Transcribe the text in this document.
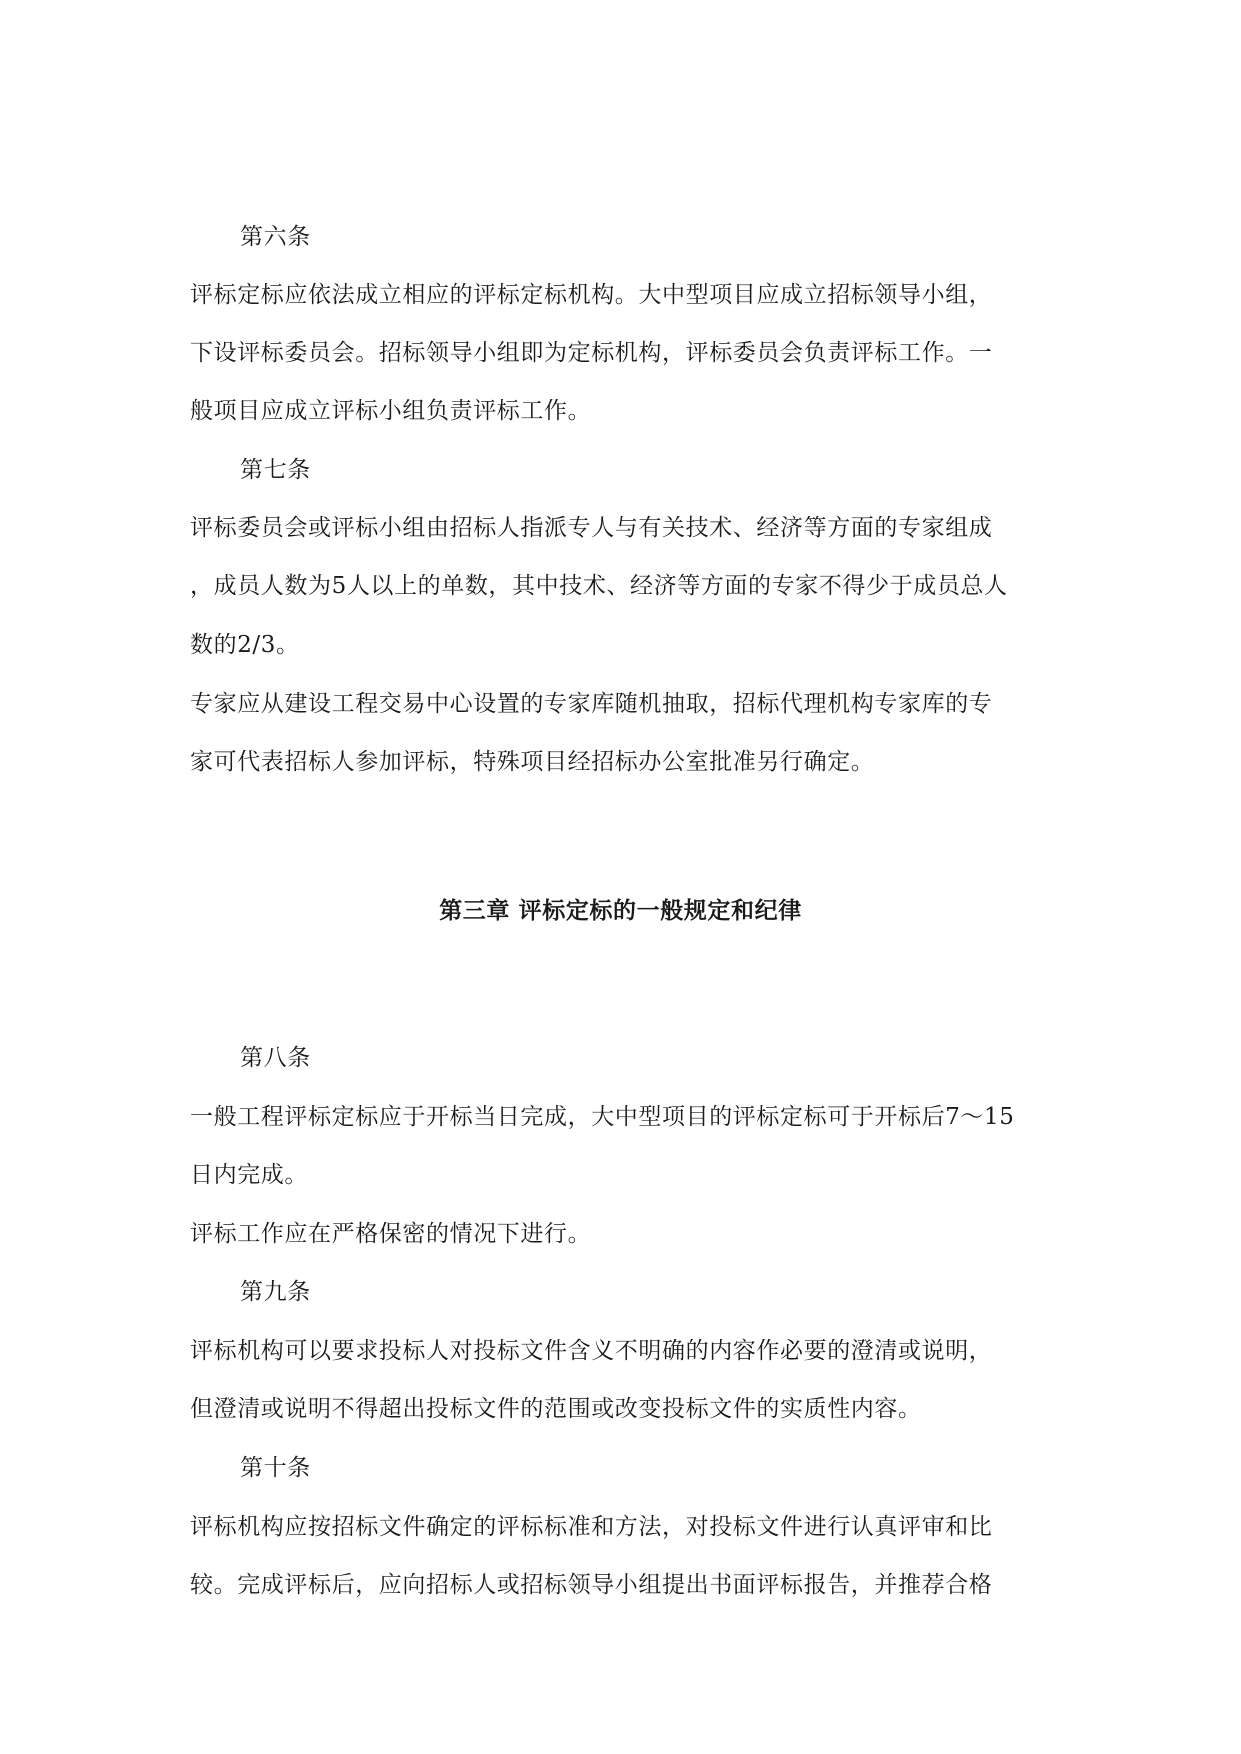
第六条
评标定标应依法成立相应的评标定标机构。大中型项目应成立招标领导小组，
下设评标委员会。招标领导小组即为定标机构，评标委员会负责评标工作。一
般项目应成立评标小组负责评标工作。
第七条
评标委员会或评标小组由招标人指派专人与有关技术、经济等方面的专家组成
，成员人数为5人以上的单数，其中技术、经济等方面的专家不得少于成员总人
数的2/3。
专家应从建设工程交易中心设置的专家库随机抽取，招标代理机构专家库的专
家可代表招标人参加评标，特殊项目经招标办公室批准另行确定。
第三章 评标定标的一般规定和纪律
第八条
一般工程评标定标应于开标当日完成，大中型项目的评标定标可于开标后7～15
日内完成。
评标工作应在严格保密的情况下进行。
第九条
评标机构可以要求投标人对投标文件含义不明确的内容作必要的澄清或说明，
但澄清或说明不得超出投标文件的范围或改变投标文件的实质性内容。
第十条
评标机构应按招标文件确定的评标标准和方法，对投标文件进行认真评审和比
较。完成评标后，应向招标人或招标领导小组提出书面评标报告，并推荐合格
